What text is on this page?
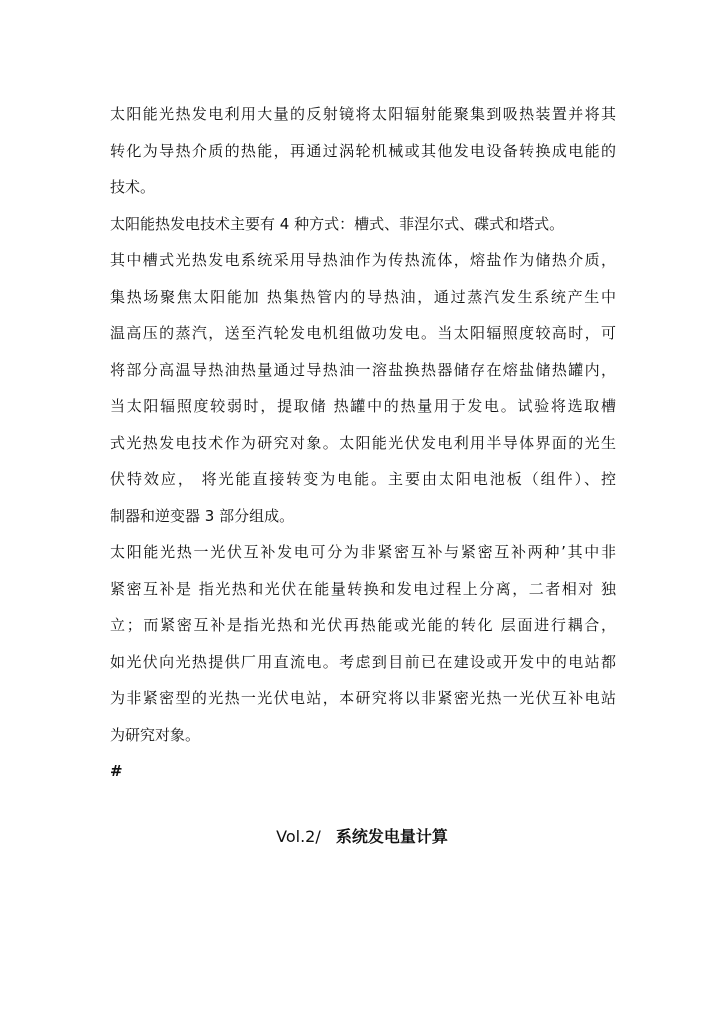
太阳能光热发电利用大量的反射镜将太阳辐射能聚集到吸热装置并将其
转化为导热介质的热能，再通过涡轮机械或其他发电设备转换成电能的
技术。
太阳能热发电技术主要有 4 种方式：槽式、菲涅尔式、碟式和塔式。
其中槽式光热发电系统采用导热油作为传热流体，熔盐作为储热介质，
集热场聚焦太阳能加 热集热管内的导热油，通过蒸汽发生系统产生中
温高压的蒸汽，送至汽轮发电机组做功发电。当太阳辐照度较高时，可
将部分高温导热油热量通过导热油一溶盐换热器储存在熔盐储热罐内，
当太阳辐照度较弱时，提取储 热罐中的热量用于发电。试验将选取槽
式光热发电技术作为研究对象。太阳能光伏发电利用半导体界面的光生
伏特效应， 将光能直接转变为电能。主要由太阳电池板（组件）、控
制器和逆变器 3 部分组成。
太阳能光热一光伏互补发电可分为非紧密互补与紧密互补两种’其中非
紧密互补是 指光热和光伏在能量转换和发电过程上分离，二者相对 独
立；而紧密互补是指光热和光伏再热能或光能的转化 层面进行耦合，
如光伏向光热提供厂用直流电。考虑到目前已在建设或开发中的电站都
为非紧密型的光热一光伏电站，本研究将以非紧密光热一光伏互补电站
为研究对象。
#
Vol.2/ 系统发电量计算
